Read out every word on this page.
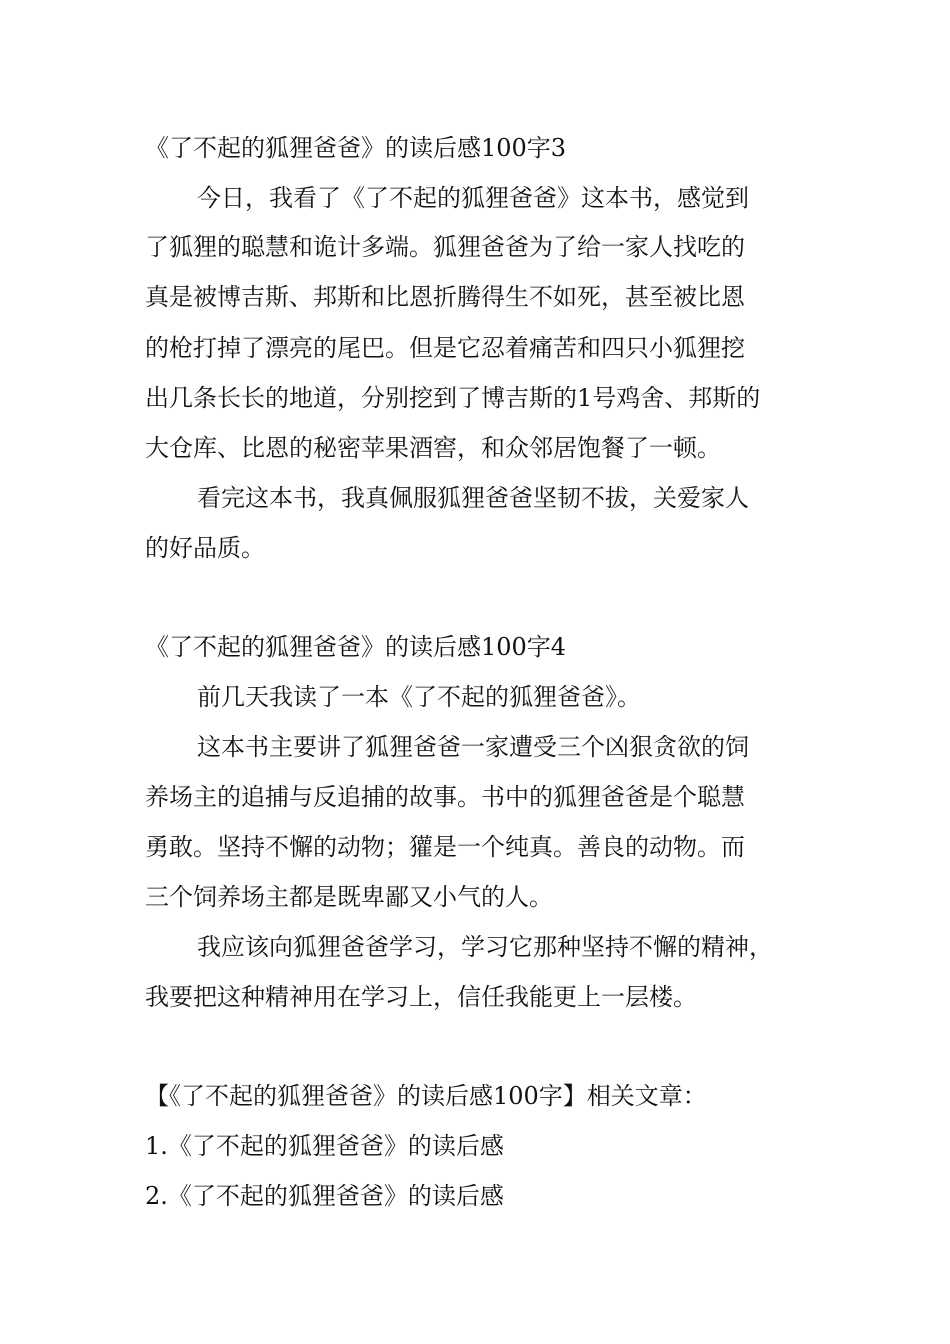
《了不起的狐狸爸爸》的读后感100字3
今日，我看了《了不起的狐狸爸爸》这本书，感觉到
了狐狸的聪慧和诡计多端。狐狸爸爸为了给一家人找吃的
真是被博吉斯、邦斯和比恩折腾得生不如死，甚至被比恩
的枪打掉了漂亮的尾巴。但是它忍着痛苦和四只小狐狸挖
出几条长长的地道，分别挖到了博吉斯的1号鸡舍、邦斯的
大仓库、比恩的秘密苹果酒窖，和众邻居饱餐了一顿。
看完这本书，我真佩服狐狸爸爸坚韧不拔，关爱家人
的好品质。
《了不起的狐狸爸爸》的读后感100字4
前几天我读了一本《了不起的狐狸爸爸》。
这本书主要讲了狐狸爸爸一家遭受三个凶狠贪欲的饲
养场主的追捕与反追捕的故事。书中的狐狸爸爸是个聪慧
勇敢。坚持不懈的动物；獾是一个纯真。善良的动物。而
三个饲养场主都是既卑鄙又小气的人。
我应该向狐狸爸爸学习，学习它那种坚持不懈的精神，
我要把这种精神用在学习上，信任我能更上一层楼。
【《了不起的狐狸爸爸》的读后感100字】相关文章：
1.《了不起的狐狸爸爸》的读后感
2.《了不起的狐狸爸爸》的读后感
